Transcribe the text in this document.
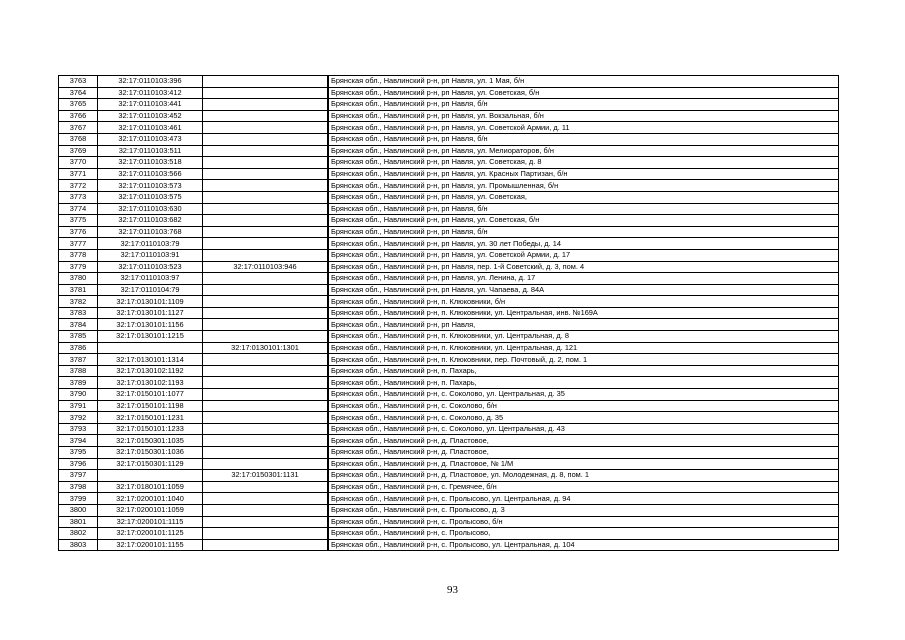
3763	32:17:0110103:396			Брянская обл., Навлинский р-н, рп Навля, ул. 1 Мая, б/н
3764	32:17:0110103:412			Брянская обл., Навлинский р-н, рп Навля, ул. Советская, б/н
3765	32:17:0110103:441			Брянская обл., Навлинский р-н, рп Навля, б/н
3766	32:17:0110103:452			Брянская обл., Навлинский р-н, рп Навля, ул. Вокзальная, б/н
3767	32:17:0110103:461			Брянская обл., Навлинский р-н, рп Навля, ул. Советской Армии, д. 11
3768	32:17:0110103:473			Брянская обл., Навлинский р-н, рп Навля, б/н
3769	32:17:0110103:511			Брянская обл., Навлинский р-н, рп Навля, ул. Мелиораторов, б/н
3770	32:17:0110103:518			Брянская обл., Навлинский р-н, рп Навля, ул. Советская, д. 8
3771	32:17:0110103:566			Брянская обл., Навлинский р-н, рп Навля, ул. Красных Партизан, б/н
3772	32:17:0110103:573			Брянская обл., Навлинский р-н, рп Навля, ул. Промышленная, б/н
3773	32:17:0110103:575			Брянская обл., Навлинский р-н, рп Навля, ул. Советская,
3774	32:17:0110103:630			Брянская обл., Навлинский р-н, рп Навля, б/н
3775	32:17:0110103:682			Брянская обл., Навлинский р-н, рп Навля, ул. Советская, б/н
3776	32:17:0110103:768			Брянская обл., Навлинский р-н, рп Навля, б/н
3777	32:17:0110103:79			Брянская обл., Навлинский р-н, рп Навля, ул. 30 лет Победы, д. 14
3778	32:17:0110103:91			Брянская обл., Навлинский р-н, рп Навля, ул. Советской Армии, д. 17
3779	32:17:0110103:523	32:17:0110103:946		Брянская обл., Навлинский р-н, рп Навля, пер. 1-й Советский, д. 3, пом. 4
3780	32:17:0110103:97			Брянская обл., Навлинский р-н, рп Навля, ул. Ленина, д. 17
3781	32:17:0110104:79			Брянская обл., Навлинский р-н, рп Навля, ул. Чапаева, д. 84А
3782	32:17:0130101:1109			Брянская обл., Навлинский р-н, п. Клюковники, б/н
3783	32:17:0130101:1127			Брянская обл., Навлинский р-н, п. Клюковники, ул. Центральная, инв. №169А
3784	32:17:0130101:1156			Брянская обл., Навлинский р-н, рп Навля,
3785	32:17:0130101:1215			Брянская обл., Навлинский р-н, п. Клюковники, ул. Центральная, д. 8
3786		32:17:0130101:1301		Брянская обл., Навлинский р-н, п. Клюковники, ул. Центральная, д. 121
3787	32:17:0130101:1314			Брянская обл., Навлинский р-н, п. Клюковники, пер. Почтовый, д. 2, пом. 1
3788	32:17:0130102:1192			Брянская обл., Навлинский р-н, п. Пахарь,
3789	32:17:0130102:1193			Брянская обл., Навлинский р-н, п. Пахарь,
3790	32:17:0150101:1077			Брянская обл., Навлинский р-н, с. Соколово, ул. Центральная, д. 35
3791	32:17:0150101:1198			Брянская обл., Навлинский р-н, с. Соколово, б/н
3792	32:17:0150101:1231			Брянская обл., Навлинский р-н, с. Соколово, д. 35
3793	32:17:0150101:1233			Брянская обл., Навлинский р-н, с. Соколово, ул. Центральная, д. 43
3794	32:17:0150301:1035			Брянская обл., Навлинский р-н, д. Пластовое,
3795	32:17:0150301:1036			Брянская обл., Навлинский р-н, д. Пластовое,
3796	32:17:0150301:1129			Брянская обл., Навлинский р-н, д. Пластовое, № 1/М
3797		32:17:0150301:1131		Брянская обл., Навлинский р-н, д. Пластовое, ул. Молодежная, д. 8, пом. 1
3798	32:17:0180101:1059			Брянская обл., Навлинский р-н, с. Гремячее, б/н
3799	32:17:0200101:1040			Брянская обл., Навлинский р-н, с. Пролысово, ул. Центральная, д. 94
3800	32:17:0200101:1059			Брянская обл., Навлинский р-н, с. Пролысово, д. 3
3801	32:17:0200101:1115			Брянская обл., Навлинский р-н, с. Пролысово, б/н
3802	32:17:0200101:1125			Брянская обл., Навлинский р-н, с. Пролысово,
3803	32:17:0200101:1155			Брянская обл., Навлинский р-н, с. Пролысово, ул. Центральная, д. 104
93
